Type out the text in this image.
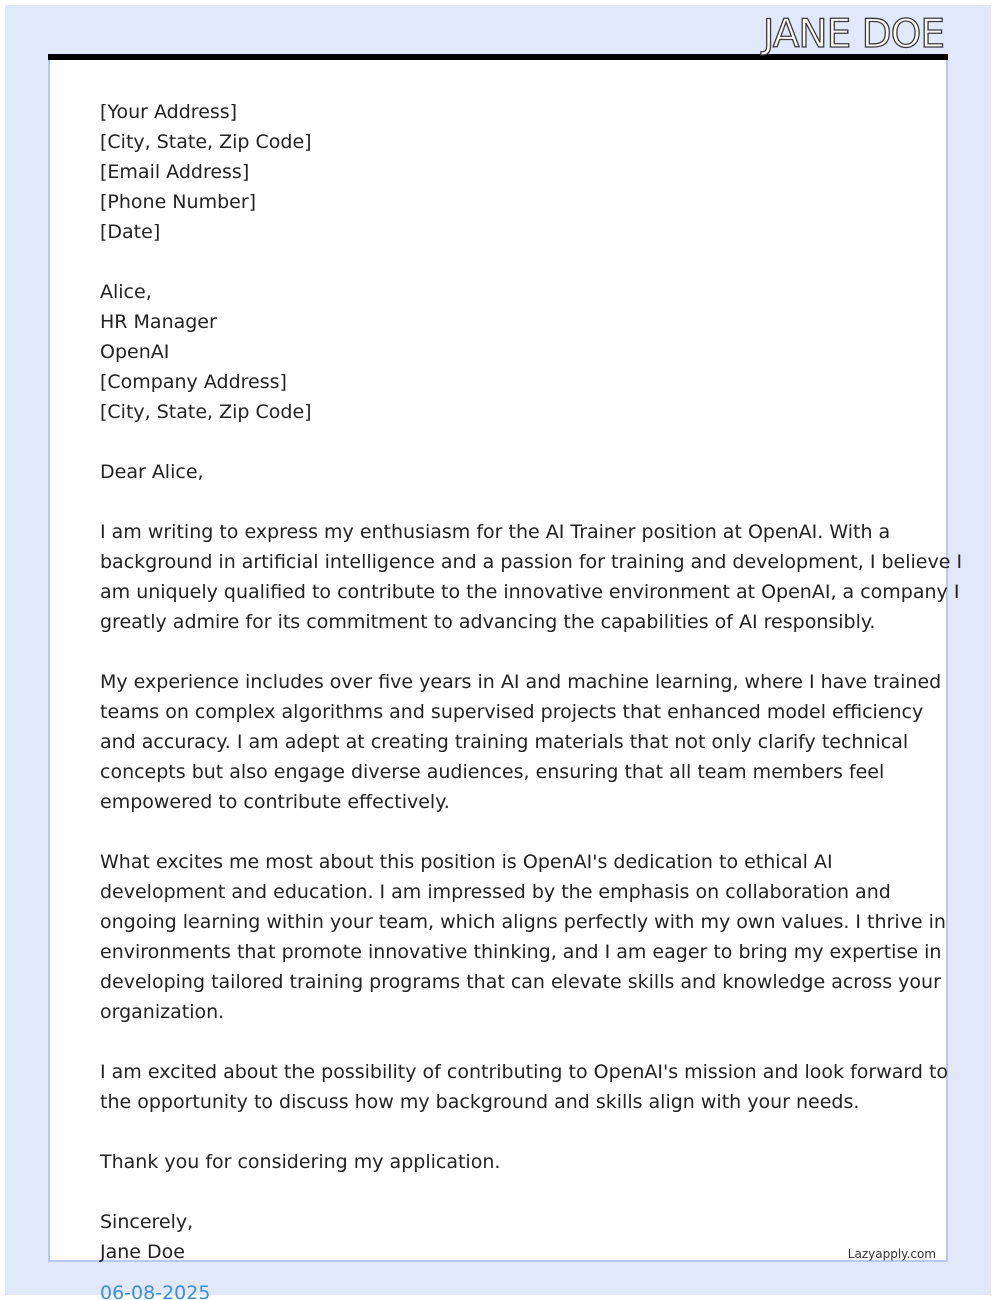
JANE DOE
[Your Address]
[City, State, Zip Code]
[Email Address]
[Phone Number]
[Date]
Alice,
HR Manager
OpenAI
[Company Address]
[City, State, Zip Code]
Dear Alice,
I am writing to express my enthusiasm for the AI Trainer position at OpenAI. With a
background in artificial intelligence and a passion for training and development, I believe I
am uniquely qualified to contribute to the innovative environment at OpenAI, a company I
greatly admire for its commitment to advancing the capabilities of AI responsibly.
My experience includes over five years in AI and machine learning, where I have trained
teams on complex algorithms and supervised projects that enhanced model efficiency
and accuracy. I am adept at creating training materials that not only clarify technical
concepts but also engage diverse audiences, ensuring that all team members feel
empowered to contribute effectively.
What excites me most about this position is OpenAI's dedication to ethical AI
development and education. I am impressed by the emphasis on collaboration and
ongoing learning within your team, which aligns perfectly with my own values. I thrive in
environments that promote innovative thinking, and I am eager to bring my expertise in
developing tailored training programs that can elevate skills and knowledge across your
organization.
I am excited about the possibility of contributing to OpenAI's mission and look forward to
the opportunity to discuss how my background and skills align with your needs.
Thank you for considering my application.
Sincerely,
Jane Doe	Lazyapply.com
06-08-2025
